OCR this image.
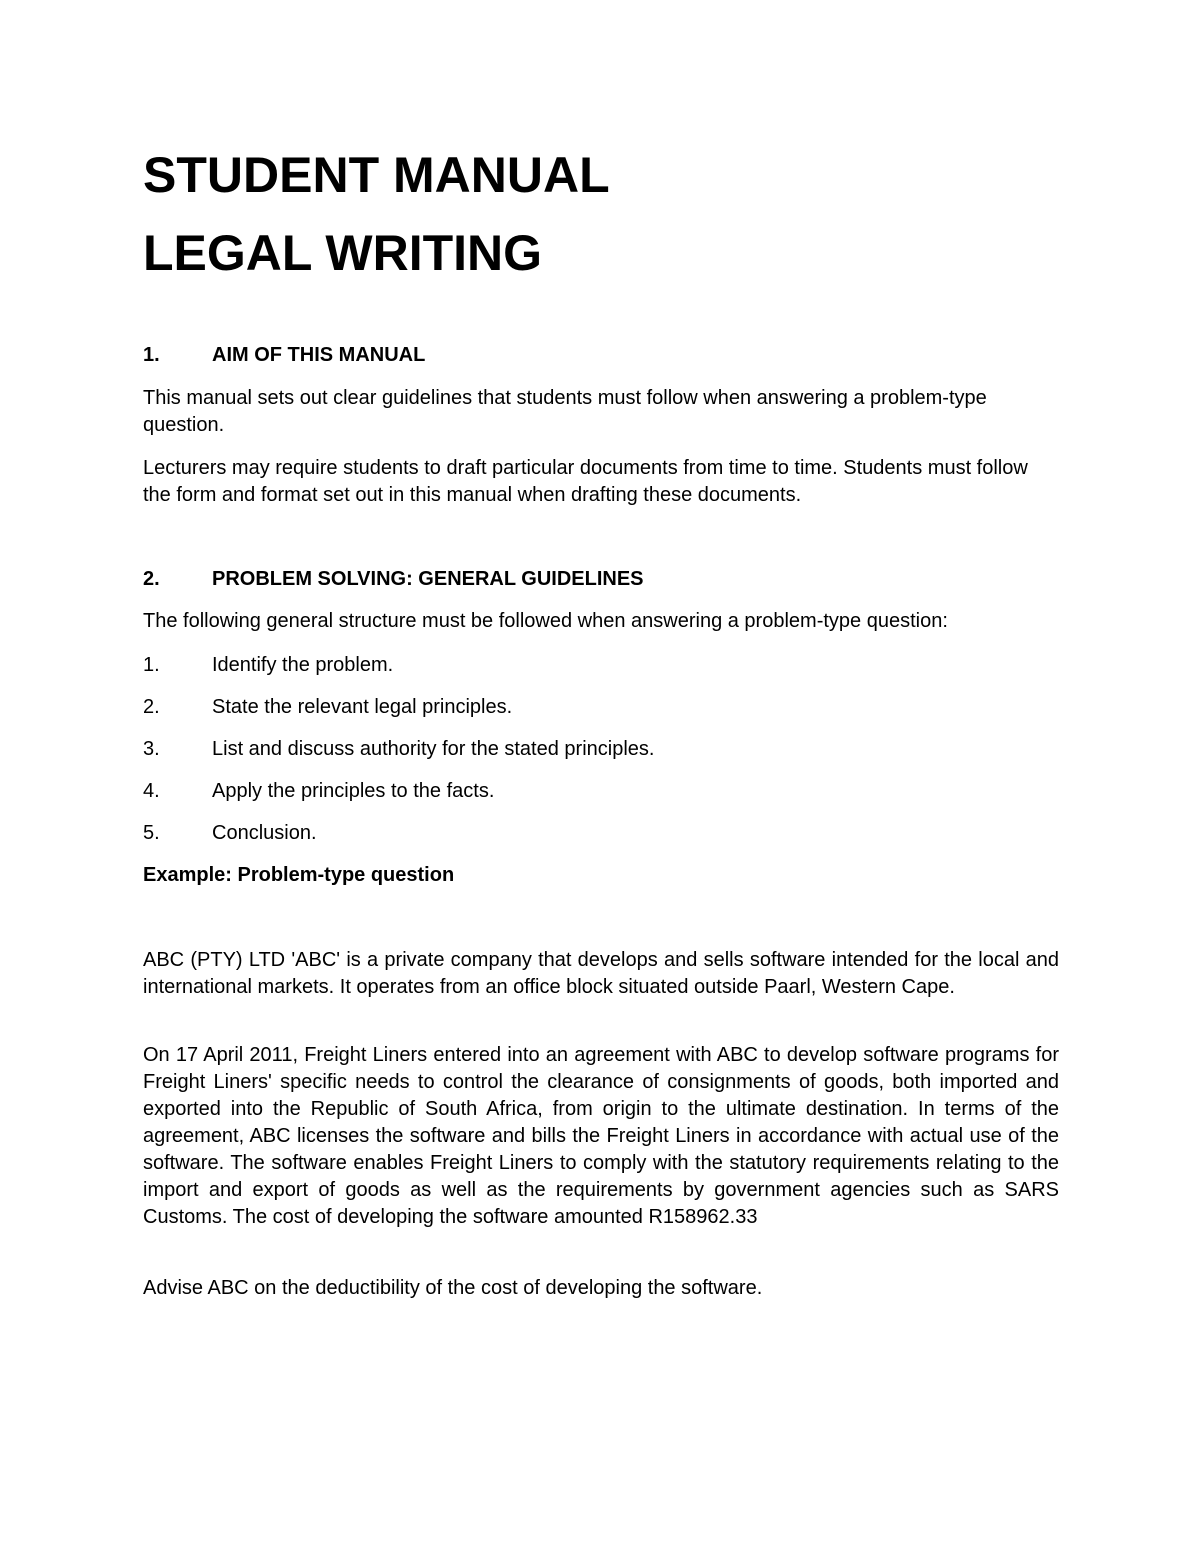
STUDENT MANUAL
LEGAL WRITING
1.	AIM OF THIS MANUAL
This manual sets out clear guidelines that students must follow when answering a problem-type question.
Lecturers may require students to draft particular documents from time to time. Students must follow the form and format set out in this manual when drafting these documents.
2.	PROBLEM SOLVING: GENERAL GUIDELINES
The following general structure must be followed when answering a problem-type question:
1.	Identify the problem.
2.	State the relevant legal principles.
3.	List and discuss authority for the stated principles.
4.	Apply the principles to the facts.
5.	Conclusion.
Example: Problem-type question
ABC (PTY) LTD 'ABC' is a private company that develops and sells software intended for the local and international markets. It operates from an office block situated outside Paarl, Western Cape.
On 17 April 2011, Freight Liners entered into an agreement with ABC to develop software programs for Freight Liners' specific needs to control the clearance of consignments of goods, both imported and exported into the Republic of South Africa, from origin to the ultimate destination. In terms of the agreement, ABC licenses the software and bills the Freight Liners in accordance with actual use of the software. The software enables Freight Liners to comply with the statutory requirements relating to the import and export of goods as well as the requirements by government agencies such as SARS Customs. The cost of developing the software amounted R158962.33
Advise ABC on the deductibility of the cost of developing the software.
